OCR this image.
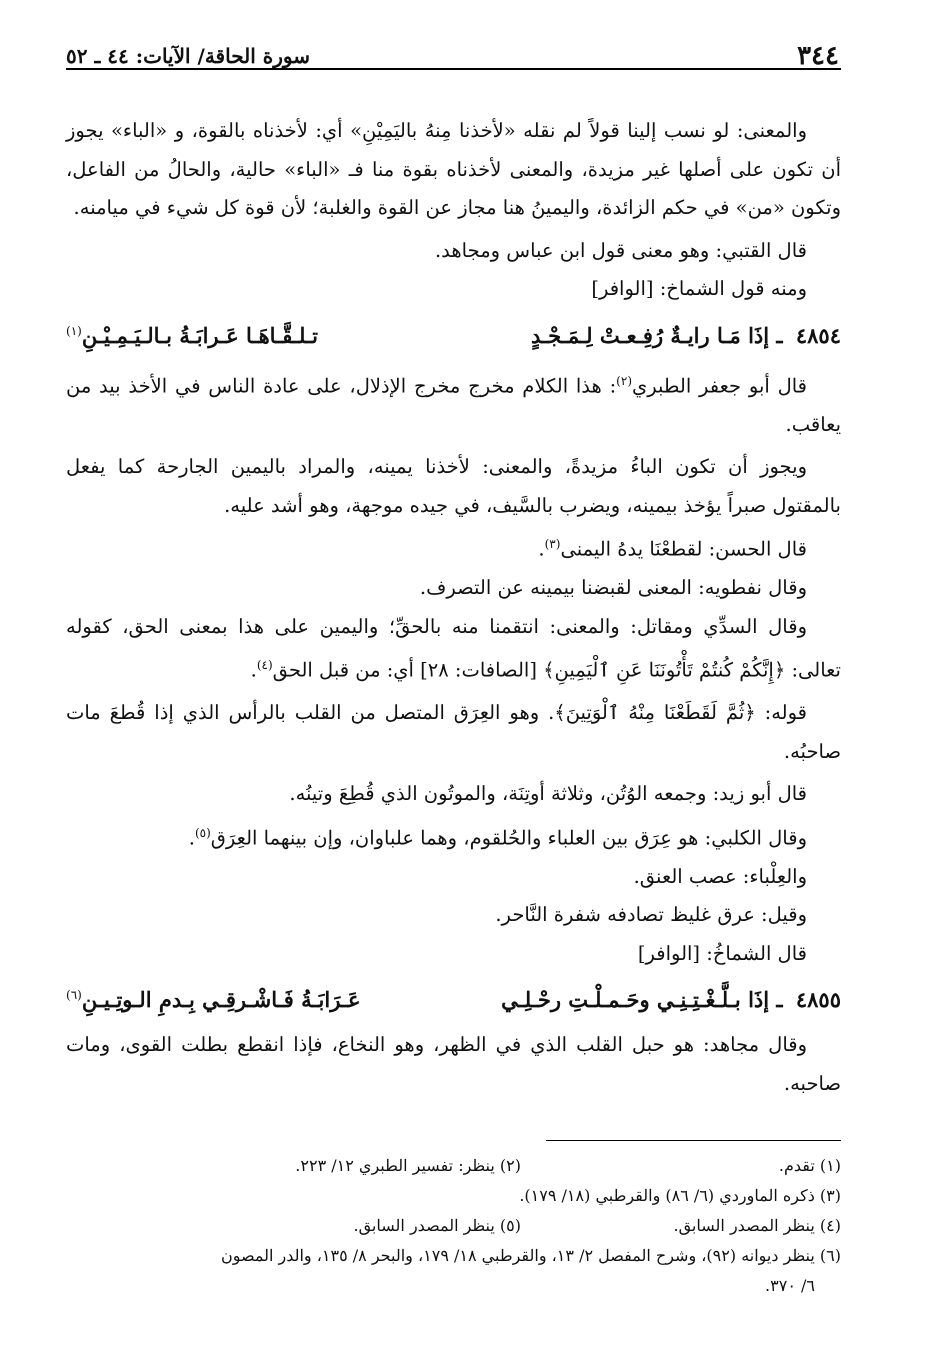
٣٤٤
سورة الحاقة/ الآيات: ٤٤ ـ ٥٢

والمعنى: لو نسب إلينا قولاً لم نقله «لأخذنا مِنهُ باليَمِيْنِ» أي: لأخذناه بالقوة، و «الباء» يجوز أن تكون على أصلها غير مزيدة، والمعنى لأخذناه بقوة منا فـ «الباء» حالية، والحالُ من الفاعل، وتكون «من» في حكم الزائدة، واليمينُ هنا مجاز عن القوة والغلبة؛ لأن قوة كل شيء في ميامنه.

قال القتبي: وهو معنى قول ابن عباس ومجاهد.

ومنه قول الشماخ: [الوافر]

٤٨٥٤ ـ إذَا مَـا رايـةٌ رُفِـعـتْ لِـمَـجْـدٍ
تـلـقَّـاهَـا عَـرابَـةُ بـالـيَـمِـيْـنِ$^{(١)}$

قال أبو جعفر الطبري$^{(٢)}$: هذا الكلام مخرج مخرج الإذلال، على عادة الناس في الأخذ بيد من يعاقب.

ويجوز أن تكون الباءُ مزيدةً، والمعنى: لأخذنا يمينه، والمراد باليمين الجارحة كما يفعل بالمقتول صبراً يؤخذ بيمينه، ويضرب بالسَّيف، في جيده موجهة، وهو أشد عليه.

قال الحسن: لقطعْنَا يدهُ اليمنى$^{(٣)}$.

وقال نفطويه: المعنى لقبضنا بيمينه عن التصرف.

وقال السدِّي ومقاتل: والمعنى: انتقمنا منه بالحقِّ؛ واليمين على هذا بمعنى الحق، كقوله تعالى: ﴿إِنَّكُمْ كُنتُمْ تَأْتُونَنَا عَنِ ٱلْيَمِينِ﴾ [الصافات: ٢٨] أي: من قبل الحق$^{(٤)}$.

قوله: ﴿ثُمَّ لَقَطَعْنَا مِنْهُ ٱلْوَتِينَ﴾. وهو العِرَق المتصل من القلب بالرأس الذي إذا قُطعَ مات صاحبُه.

قال أبو زيد: وجمعه الوُتُن، وثلاثة أوتِنَة، والموتُون الذي قُطِعَ وتينُه.

وقال الكلبي: هو عِرَق بين العلباء والحُلقوم، وهما علباوان، وإن بينهما العِرَق$^{(٥)}$.

والعِلْباء: عصب العنق.

وقيل: عرق غليظ تصادفه شفرة النَّاحر.

قال الشماخُ: [الوافر]

٤٨٥٥ ـ إذَا بـلَّـغْـتِـنِـي وحَـمـلْـتِ رحْـلِـي
عَـرَابَـةُ فَـاشْـرقِـي بِـدمِ الـوتِـيـنِ$^{(٦)}$

وقال مجاهد: هو حبل القلب الذي في الظهر، وهو النخاع، فإذا انقطع بطلت القوى، ومات صاحبه.

(١) تقدم.
(٢) ينظر: تفسير الطبري ١٢/ ٢٢٣.
(٣) ذكره الماوردي (٦/ ٨٦) والقرطبي (١٨/ ١٧٩).
(٤) ينظر المصدر السابق.
(٥) ينظر المصدر السابق.
(٦) ينظر ديوانه (٩٢)، وشرح المفصل ٢/ ١٣، والقرطبي ١٨/ ١٧٩، والبحر ٨/ ١٣٥، والدر المصون
٦/ ٣٧٠.
